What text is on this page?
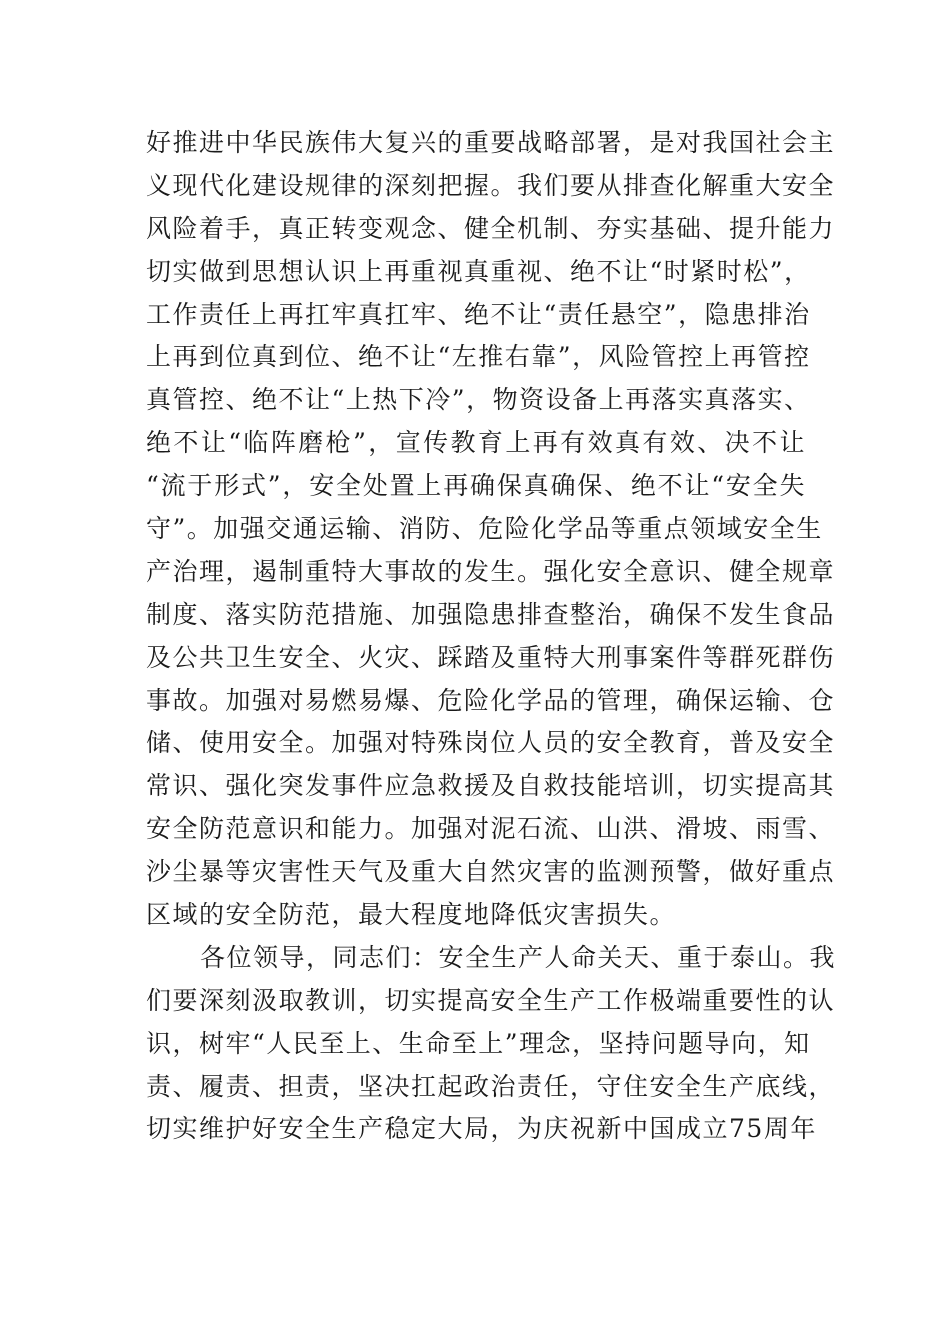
好推进中华民族伟大复兴的重要战略部署，是对我国社会主
义现代化建设规律的深刻把握。我们要从排查化解重大安全
风险着手，真正转变观念、健全机制、夯实基础、提升能力
切实做到思想认识上再重视真重视、绝不让“时紧时松”，
工作责任上再扛牢真扛牢、绝不让“责任悬空”，隐患排治
上再到位真到位、绝不让“左推右靠”，风险管控上再管控
真管控、绝不让“上热下冷”，物资设备上再落实真落实、
绝不让“临阵磨枪”，宣传教育上再有效真有效、决不让
“流于形式”，安全处置上再确保真确保、绝不让“安全失
守”。加强交通运输、消防、危险化学品等重点领域安全生
产治理，遏制重特大事故的发生。强化安全意识、健全规章
制度、落实防范措施、加强隐患排查整治，确保不发生食品
及公共卫生安全、火灾、踩踏及重特大刑事案件等群死群伤
事故。加强对易燃易爆、危险化学品的管理，确保运输、仓
储、使用安全。加强对特殊岗位人员的安全教育，普及安全
常识、强化突发事件应急救援及自救技能培训，切实提高其
安全防范意识和能力。加强对泥石流、山洪、滑坡、雨雪、
沙尘暴等灾害性天气及重大自然灾害的监测预警，做好重点
区域的安全防范，最大程度地降低灾害损失。
各位领导，同志们：安全生产人命关天、重于泰山。我
们要深刻汲取教训，切实提高安全生产工作极端重要性的认
识，树牢“人民至上、生命至上”理念，坚持问题导向，知
责、履责、担责，坚决扛起政治责任，守住安全生产底线，
切实维护好安全生产稳定大局，为庆祝新中国成立75周年
